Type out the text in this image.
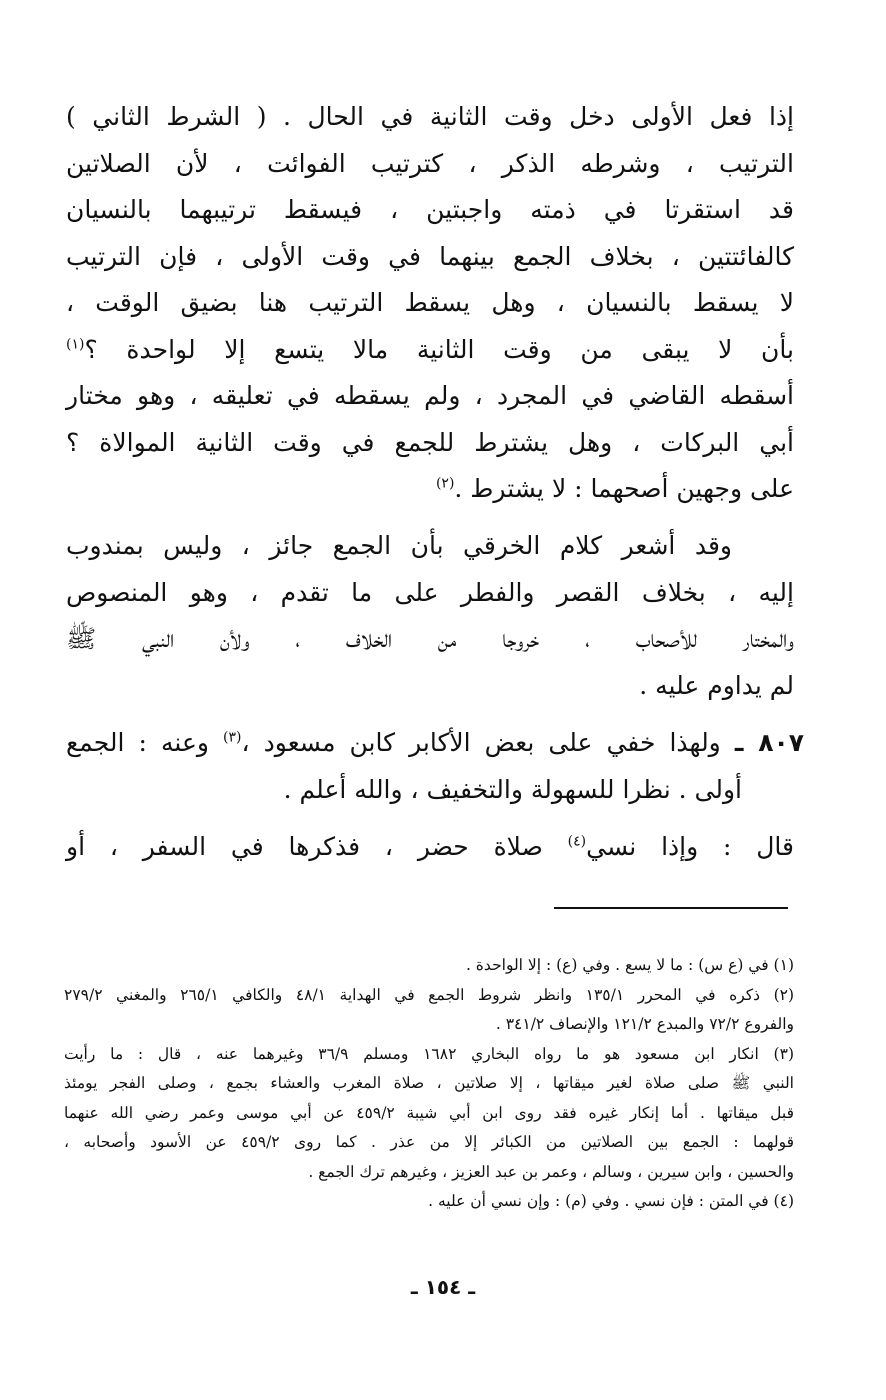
إذا فعل الأولى دخل وقت الثانية في الحال . ( الشرط الثاني )
الترتيب ، وشرطه الذكر ، كترتيب الفوائت ، لأن الصلاتين
قد استقرتا في ذمته واجبتين ، فيسقط ترتيبهما بالنسيان
كالفائتتين ، بخلاف الجمع بينهما في وقت الأولى ، فإن الترتيب
لا يسقط بالنسيان ، وهل يسقط الترتيب هنا بضيق الوقت ،
بأن لا يبقى من وقت الثانية مالا يتسع إلا لواحدة ؟$^{(١)}$
أسقطه القاضي في المجرد ، ولم يسقطه في تعليقه ، وهو مختار
أبي البركات ، وهل يشترط للجمع في وقت الثانية الموالاة ؟
على وجهين أصحهما : لا يشترط .$^{(٢)}$
وقد أشعر كلام الخرقي بأن الجمع جائز ، وليس بمندوب
إليه ، بخلاف القصر والفطر على ما تقدم ، وهو المنصوص
والمختار للأصحاب ، خروجا من الخلاف ، ولأن النبي ﷺ
لم يداوم عليه .
٨٠٧ ـ ولهذا خفي على بعض الأكابر كابن مسعود ،$^{(٣)}$ وعنه : الجمع
أولى . نظرا للسهولة والتخفيف ، والله أعلم .
قال : وإذا نسي$^{(٤)}$ صلاة حضر ، فذكرها في السفر ، أو
(١) في (ع س) : ما لا يسع . وفي (ع) : إلا الواحدة .
(٢) ذكره في المحرر ١٣٥/١ وانظر شروط الجمع في الهداية ٤٨/١ والكافي ٢٦٥/١ والمغني ٢٧٩/٢
والفروع ٧٢/٢ والمبدع ١٢١/٢ والإنصاف ٣٤١/٢ .
(٣) انكار ابن مسعود هو ما رواه البخاري ١٦٨٢ ومسلم ٣٦/٩ وغيرهما عنه ، قال : ما رأيت
النبي ﷺ صلى صلاة لغير ميقاتها ، إلا صلاتين ، صلاة المغرب والعشاء بجمع ، وصلى الفجر يومئذ
قبل ميقاتها . أما إنكار غيره فقد روى ابن أبي شيبة ٤٥٩/٢ عن أبي موسى وعمر رضي الله عنهما
قولهما : الجمع بين الصلاتين من الكبائر إلا من عذر . كما روى ٤٥٩/٢ عن الأسود وأصحابه ،
والحسين ، وابن سيرين ، وسالم ، وعمر بن عبد العزيز ، وغيرهم ترك الجمع .
(٤) في المتن : فإن نسي . وفي (م) : وإن نسي أن عليه .
ـ ١٥٤ ـ
